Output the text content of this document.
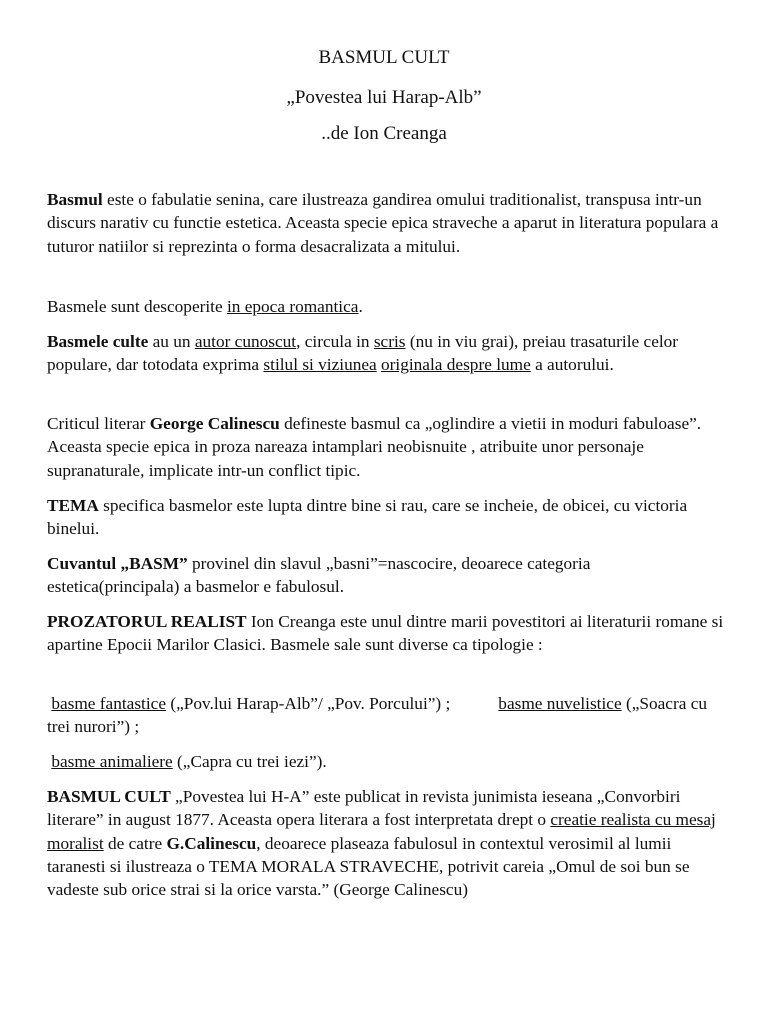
BASMUL CULT
„Povestea lui Harap-Alb”
..de Ion Creanga

Basmul este o fabulatie senina, care ilustreaza gandirea omului traditionalist, transpusa intr-un discurs narativ cu functie estetica. Aceasta specie epica straveche a aparut in literatura populara a tuturor natiilor si reprezinta o forma desacralizata a mitului.

Basmele sunt descoperite in epoca romantica.

Basmele culte au un autor cunoscut, circula in scris (nu in viu grai), preiau trasaturile celor populare, dar totodata exprima stilul si viziunea originala despre lume a autorului.

Criticul literar George Calinescu defineste basmul ca „oglindire a vietii in moduri fabuloase”. Aceasta specie epica in proza nareaza intamplari neobisnuite , atribuite unor personaje supranaturale, implicate intr-un conflict tipic.

TEMA specifica basmelor este lupta dintre bine si rau, care se incheie, de obicei, cu victoria binelui.

Cuvantul „BASM” provinel din slavul „basni”=nascocire, deoarece categoria estetica(principala) a basmelor e fabulosul.

PROZATORUL REALIST Ion Creanga este unul dintre marii povestitori ai literaturii romane si apartine Epocii Marilor Clasici. Basmele sale sunt diverse ca tipologie :

basme fantastice („Pov.lui Harap-Alb”/ „Pov. Porcului”) ;	basme nuvelistice („Soacra cu trei nurori”) ;

basme animaliere („Capra cu trei iezi”).

BASMUL CULT „Povestea lui H-A” este publicat in revista junimista ieseana „Convorbiri literare” in august 1877. Aceasta opera literara a fost interpretata drept o creatie realista cu mesaj moralist de catre G.Calinescu, deoarece plaseaza fabulosul in contextul verosimil al lumii taranesti si ilustreaza o TEMA MORALA STRAVECHE, potrivit careia „Omul de soi bun se vadeste sub orice strai si la orice varsta.” (George Calinescu)
